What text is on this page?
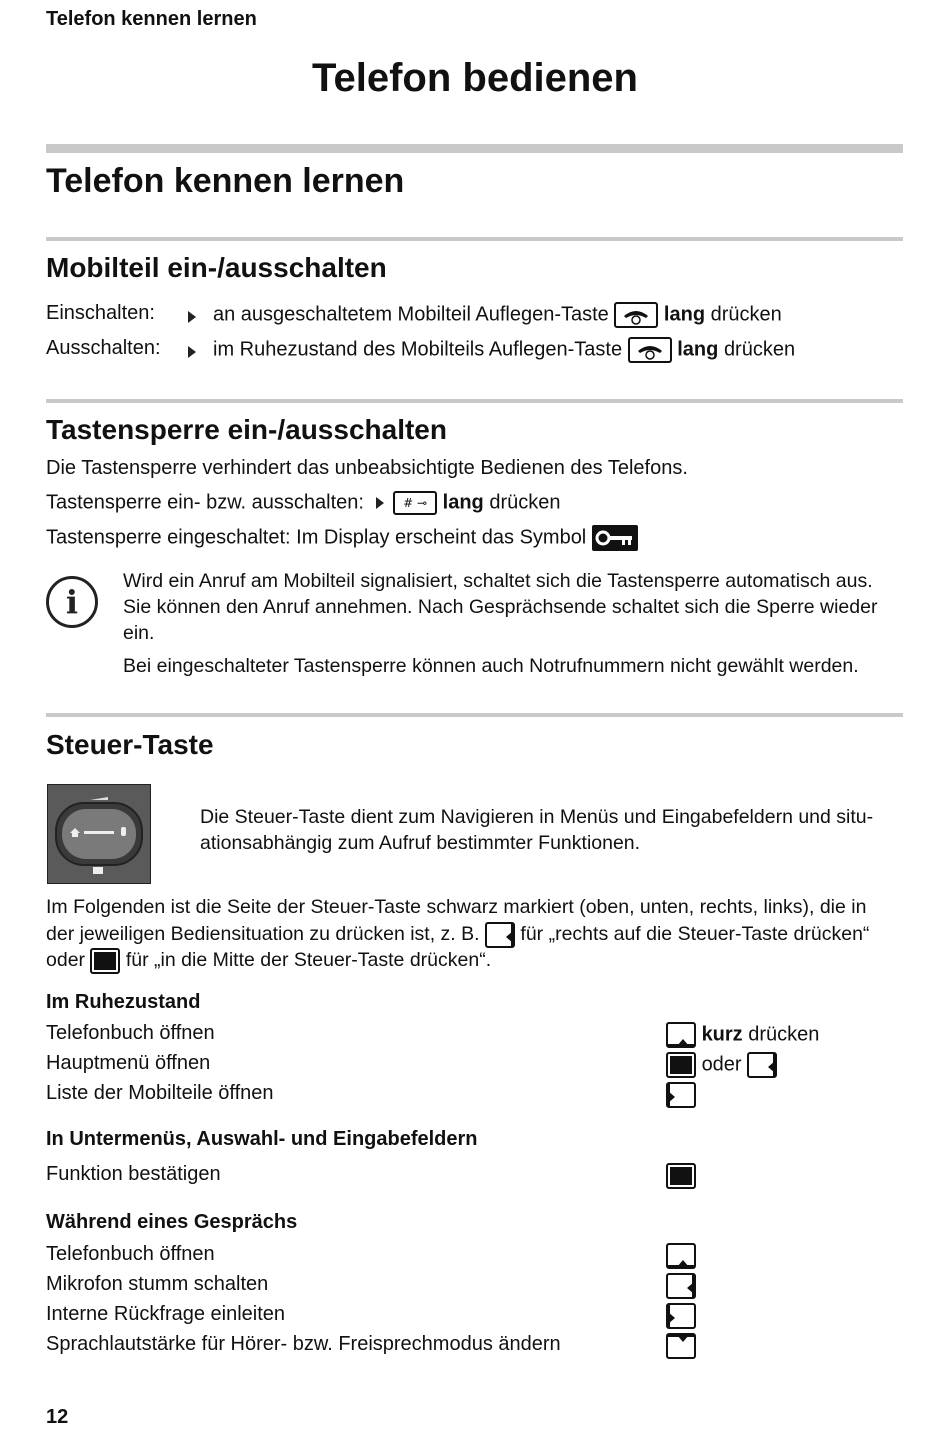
Telefon kennen lernen
Telefon bedienen
Telefon kennen lernen
Mobilteil ein-/ausschalten
Einschalten:	an ausgeschaltetem Mobilteil Auflegen-Taste	lang drücken
Ausschalten:	im Ruhezustand des Mobilteils Auflegen-Taste	lang drücken
Tastensperre ein-/ausschalten
Die Tastensperre verhindert das unbeabsichtigte Bedienen des Telefons.
Tastensperre ein- bzw. ausschalten:	# ⊸ lang drücken
Tastensperre eingeschaltet: Im Display erscheint das Symbol
i
Wird ein Anruf am Mobilteil signalisiert, schaltet sich die Tastensperre automatisch aus.
Sie können den Anruf annehmen. Nach Gesprächsende schaltet sich die Sperre wieder
ein.
Bei eingeschalteter Tastensperre können auch Notrufnummern nicht gewählt werden.
Steuer-Taste
Die Steuer-Taste dient zum Navigieren in Menüs und Eingabefeldern und situ-
ationsabhängig zum Aufruf bestimmter Funktionen.
Im Folgenden ist die Seite der Steuer-Taste schwarz markiert (oben, unten, rechts, links), die in
der jeweiligen Bediensituation zu drücken ist, z. B. für „rechts auf die Steuer-Taste drücken“
oder für „in die Mitte der Steuer-Taste drücken“.
Im Ruhezustand
Telefonbuch öffnen	kurz drücken
Hauptmenü öffnen	oder
Liste der Mobilteile öffnen
In Untermenüs, Auswahl- und Eingabefeldern
Funktion bestätigen
Während eines Gesprächs
Telefonbuch öffnen
Mikrofon stumm schalten
Interne Rückfrage einleiten
Sprachlautstärke für Hörer- bzw. Freisprechmodus ändern
12
